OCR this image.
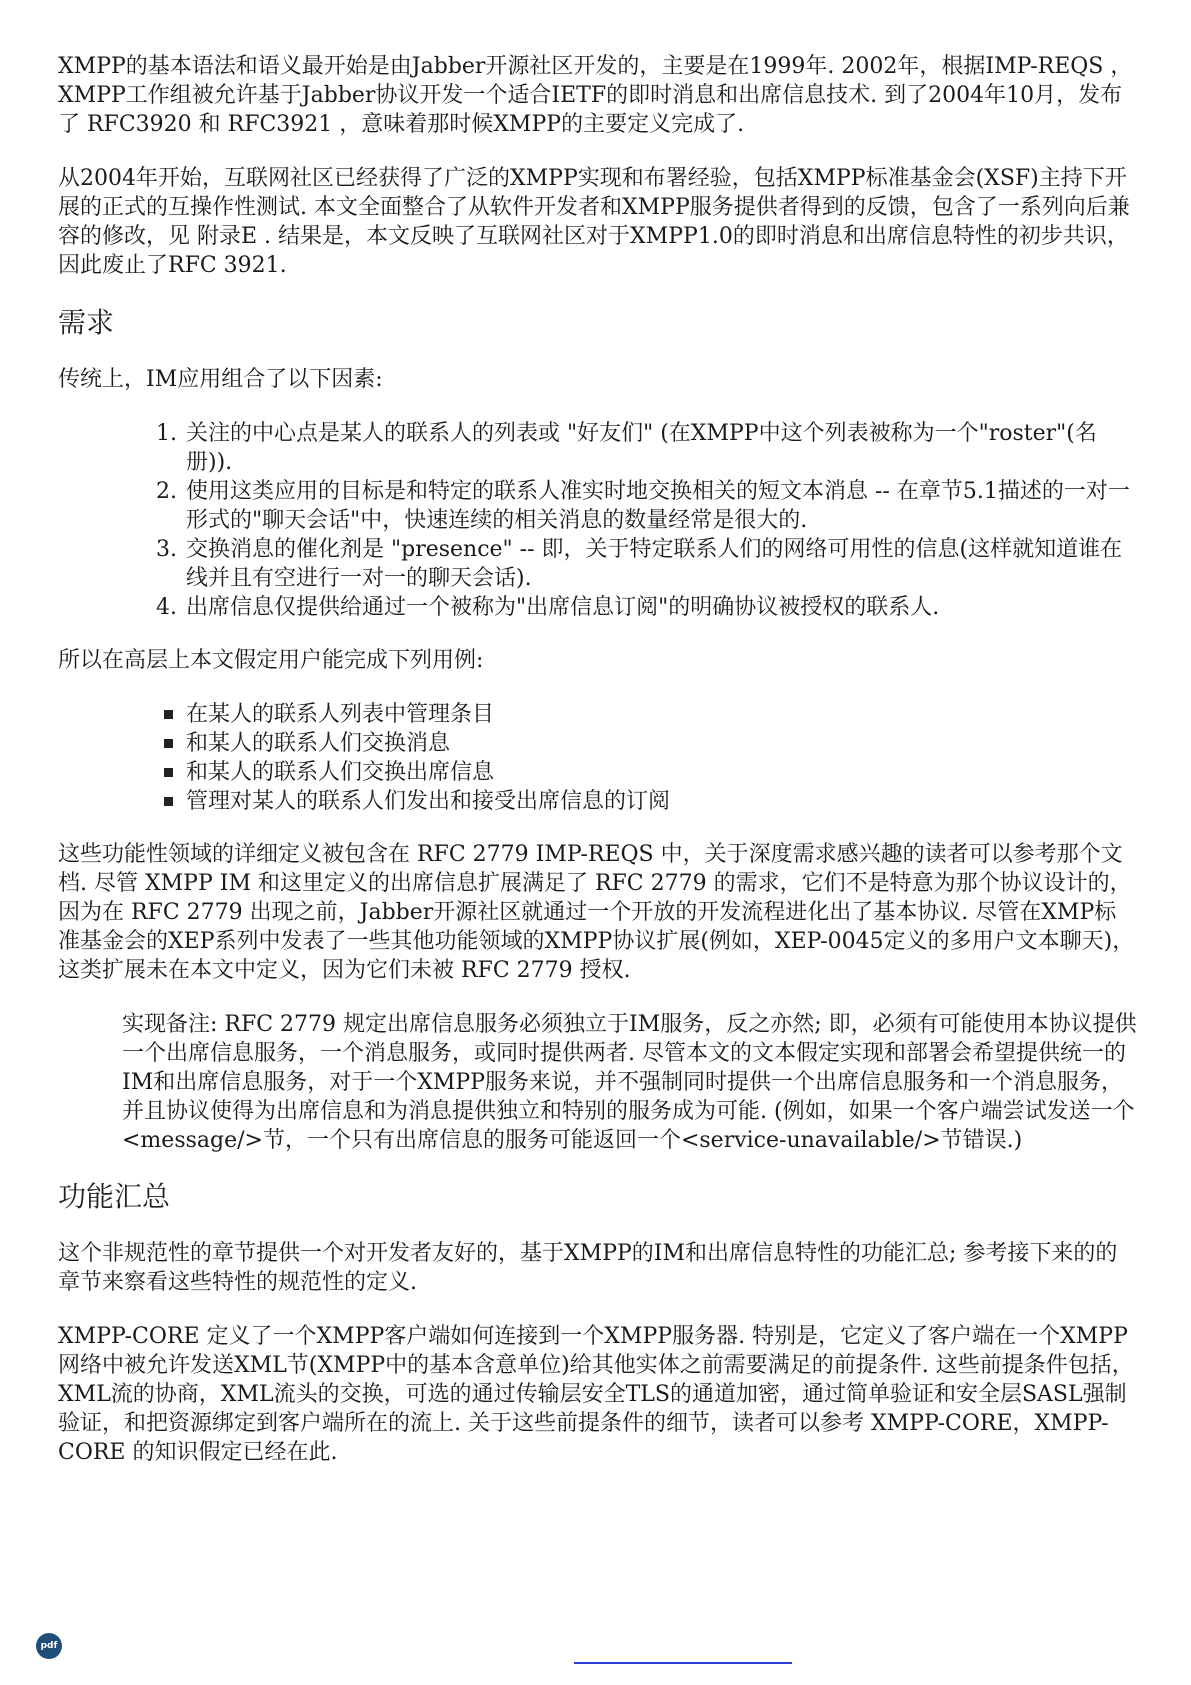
XMPP的基本语法和语义最开始是由Jabber开源社区开发的，主要是在1999年. 2002年，根据IMP-REQS ，XMPP工作组被允许基于Jabber协议开发一个适合IETF的即时消息和出席信息技术. 到了2004年10月，发布了 RFC3920 和 RFC3921 ，意味着那时候XMPP的主要定义完成了.

从2004年开始，互联网社区已经获得了广泛的XMPP实现和布署经验，包括XMPP标准基金会(XSF)主持下开展的正式的互操作性测试. 本文全面整合了从软件开发者和XMPP服务提供者得到的反馈，包含了一系列向后兼容的修改，见 附录E . 结果是，本文反映了互联网社区对于XMPP1.0的即时消息和出席信息特性的初步共识，因此废止了RFC 3921.

需求

传统上，IM应用组合了以下因素:

1. 关注的中心点是某人的联系人的列表或 "好友们" (在XMPP中这个列表被称为一个"roster"(名册)).
2. 使用这类应用的目标是和特定的联系人准实时地交换相关的短文本消息 -- 在章节5.1描述的一对一形式的"聊天会话"中，快速连续的相关消息的数量经常是很大的.
3. 交换消息的催化剂是 "presence" -- 即，关于特定联系人们的网络可用性的信息(这样就知道谁在线并且有空进行一对一的聊天会话).
4. 出席信息仅提供给通过一个被称为"出席信息订阅"的明确协议被授权的联系人.

所以在高层上本文假定用户能完成下列用例:

在某人的联系人列表中管理条目
和某人的联系人们交换消息
和某人的联系人们交换出席信息
管理对某人的联系人们发出和接受出席信息的订阅

这些功能性领域的详细定义被包含在 RFC 2779 IMP-REQS 中，关于深度需求感兴趣的读者可以参考那个文档. 尽管 XMPP IM 和这里定义的出席信息扩展满足了 RFC 2779 的需求，它们不是特意为那个协议设计的，因为在 RFC 2779 出现之前，Jabber开源社区就通过一个开放的开发流程进化出了基本协议. 尽管在XMP标准基金会的XEP系列中发表了一些其他功能领域的XMPP协议扩展(例如，XEP-0045定义的多用户文本聊天)，这类扩展未在本文中定义，因为它们未被 RFC 2779 授权.

实现备注: RFC 2779 规定出席信息服务必须独立于IM服务，反之亦然; 即，必须有可能使用本协议提供一个出席信息服务，一个消息服务，或同时提供两者. 尽管本文的文本假定实现和部署会希望提供统一的IM和出席信息服务，对于一个XMPP服务来说，并不强制同时提供一个出席信息服务和一个消息服务，并且协议使得为出席信息和为消息提供独立和特别的服务成为可能. (例如，如果一个客户端尝试发送一个<message/>节，一个只有出席信息的服务可能返回一个<service-unavailable/>节错误.)

功能汇总

这个非规范性的章节提供一个对开发者友好的，基于XMPP的IM和出席信息特性的功能汇总; 参考接下来的的章节来察看这些特性的规范性的定义.

XMPP-CORE 定义了一个XMPP客户端如何连接到一个XMPP服务器. 特别是，它定义了客户端在一个XMPP网络中被允许发送XML节(XMPP中的基本含意单位)给其他实体之前需要满足的前提条件. 这些前提条件包括，XML流的协商，XML流头的交换，可选的通过传输层安全TLS的通道加密，通过简单验证和安全层SASL强制验证，和把资源绑定到客户端所在的流上. 关于这些前提条件的细节，读者可以参考 XMPP-CORE，XMPP-CORE 的知识假定已经在此.

pdf
